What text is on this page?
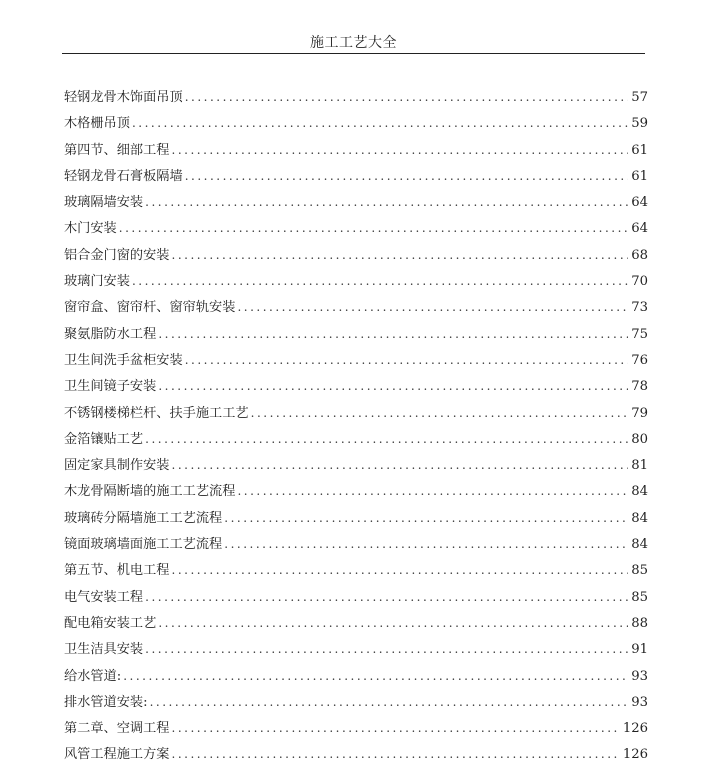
施工工艺大全
轻钢龙骨木饰面吊顶 .....	57
木格栅吊顶 .....	59
第四节、细部工程 .....	61
轻钢龙骨石膏板隔墙 .....	61
玻璃隔墙安装 .....	64
木门安装 .....	64
铝合金门窗的安装 .....	68
玻璃门安装 .....	70
窗帘盒、窗帘杆、窗帘轨安装 .....	73
聚氨脂防水工程 .....	75
卫生间洗手盆柜安装 .....	76
卫生间镜子安装 .....	78
不锈钢楼梯栏杆、扶手施工工艺 .....	79
金箔镶贴工艺 .....	80
固定家具制作安装 .....	81
木龙骨隔断墙的施工工艺流程 .....	84
玻璃砖分隔墙施工工艺流程 .....	84
镜面玻璃墙面施工工艺流程 .....	84
第五节、机电工程 .....	85
电气安装工程 .....	85
配电箱安装工艺 .....	88
卫生洁具安装 .....	91
给水管道: .....	93
排水管道安装: .....	93
第二章、空调工程 .....	126
风管工程施工方案 .....	126
